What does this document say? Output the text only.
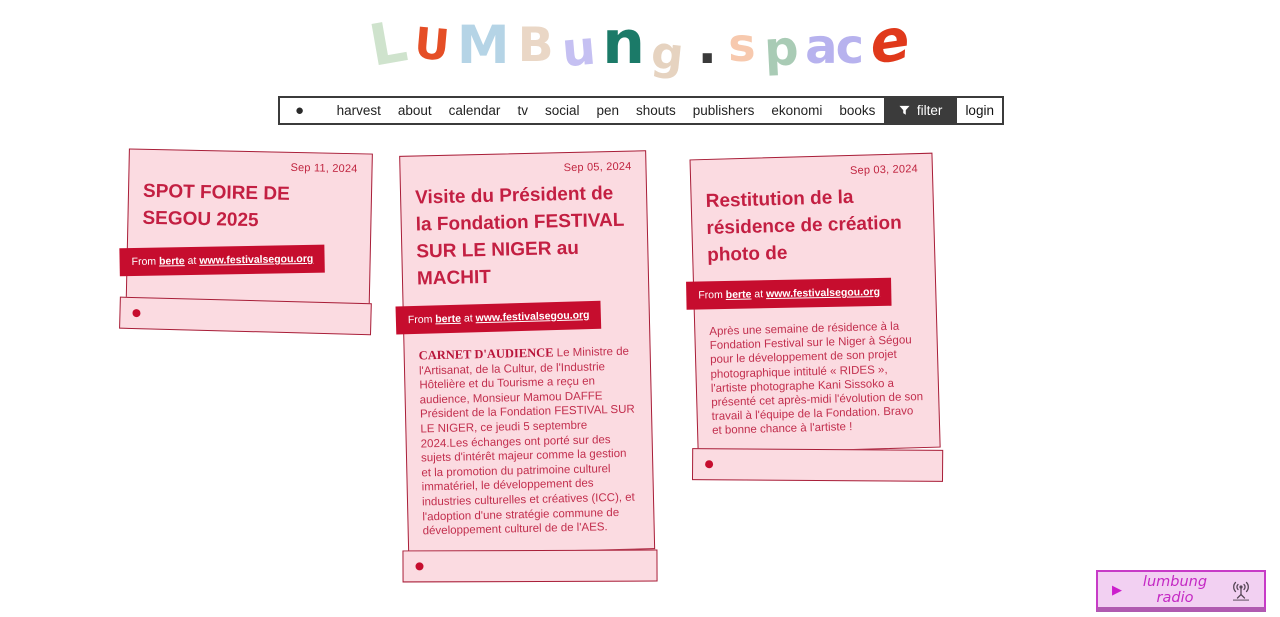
L U M B u n g . s p a c e
●	harvest	about	calendar	tv	social	pen	shouts	publishers	ekonomi	books	filter	login
Sep 11, 2024
SPOT FOIRE DE SEGOU 2025
From berte at www.festivalsegou.org
Sep 05, 2024
Visite du Président de la Fondation FESTIVAL SUR LE NIGER au MACHIT
From berte at www.festivalsegou.org

CARNET D'AUDIENCE Le Ministre de l'Artisanat, de la Cultur, de l'Industrie Hôtelière et du Tourisme a reçu en audience, Monsieur Mamou DAFFE Président de la Fondation FESTIVAL SUR LE NIGER, ce jeudi 5 septembre 2024.Les échanges ont porté sur des sujets d'intérêt majeur comme la gestion et la promotion du patrimoine culturel immatériel, le développement des industries culturelles et créatives (ICC), et l'adoption d'une stratégie commune de développement culturel de de l'AES.

Sep 03, 2024
Restitution de la résidence de création photo de
From berte at www.festivalsegou.org

Après une semaine de résidence à la Fondation Festival sur le Niger à Ségou pour le développement de son projet photographique intitulé « RIDES », l'artiste photographe Kani Sissoko a présenté cet après-midi l'évolution de son travail à l'équipe de la Fondation. Bravo et bonne chance à l'artiste !

▶	lumbung radio
